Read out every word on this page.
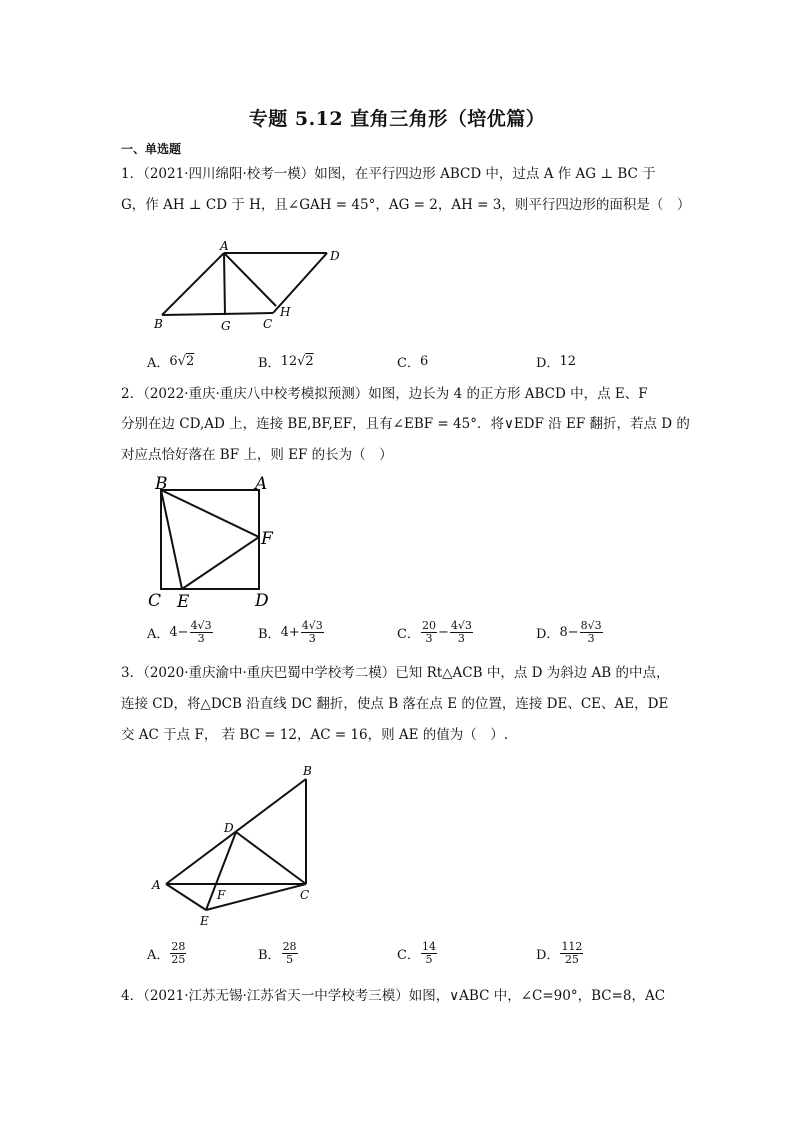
专题 5.12 直角三角形（培优篇）
一、单选题
1．（2021·四川绵阳·校考一模）如图，在平行四边形 ABCD 中，过点 A 作 AG ⊥ BC 于
G，作 AH ⊥ CD 于 H，且∠GAH = 45°，AG = 2，AH = 3，则平行四边形的面积是（　）
A
D
B	G	C
H
A． 6 √ 2	B． 12 √ 2	C． 6	D． 12
2．（2022·重庆·重庆八中校考模拟预测）如图，边长为 4 的正方形 ABCD 中，点 E、F
分别在边 CD,AD 上，连接 BE,BF,EF，且有∠EBF = 45°．将∨EDF 沿 EF 翻折，若点 D 的
对应点恰好落在 BF 上，则 EF 的长为（　）
B	A
F
C E	D
A． $4- \frac{4√3}{3}$	B． $4+ \frac{4√3}{3}$	C． $\frac{20}{3} - \frac{4√3}{3}$	D． $8- \frac{8√3}{3}$
3．（2020·重庆渝中·重庆巴蜀中学校考二模）已知 Rt△ACB 中，点 D 为斜边 AB 的中点，
连接 CD，将△DCB 沿直线 DC 翻折，使点 B 落在点 E 的位置，连接 DE、CE、AE，DE
交 AC 于点 F， 若 BC = 12，AC = 16，则 AE 的值为（　）.
B
D
A
F	C
E
A． $\frac{28}{25}$	B． $\frac{28}{5}$	C． $\frac{14}{5}$	D． $\frac{112}{25}$
4．（2021·江苏无锡·江苏省天一中学校考三模）如图，∨ABC 中，∠C=90°，BC=8，AC
